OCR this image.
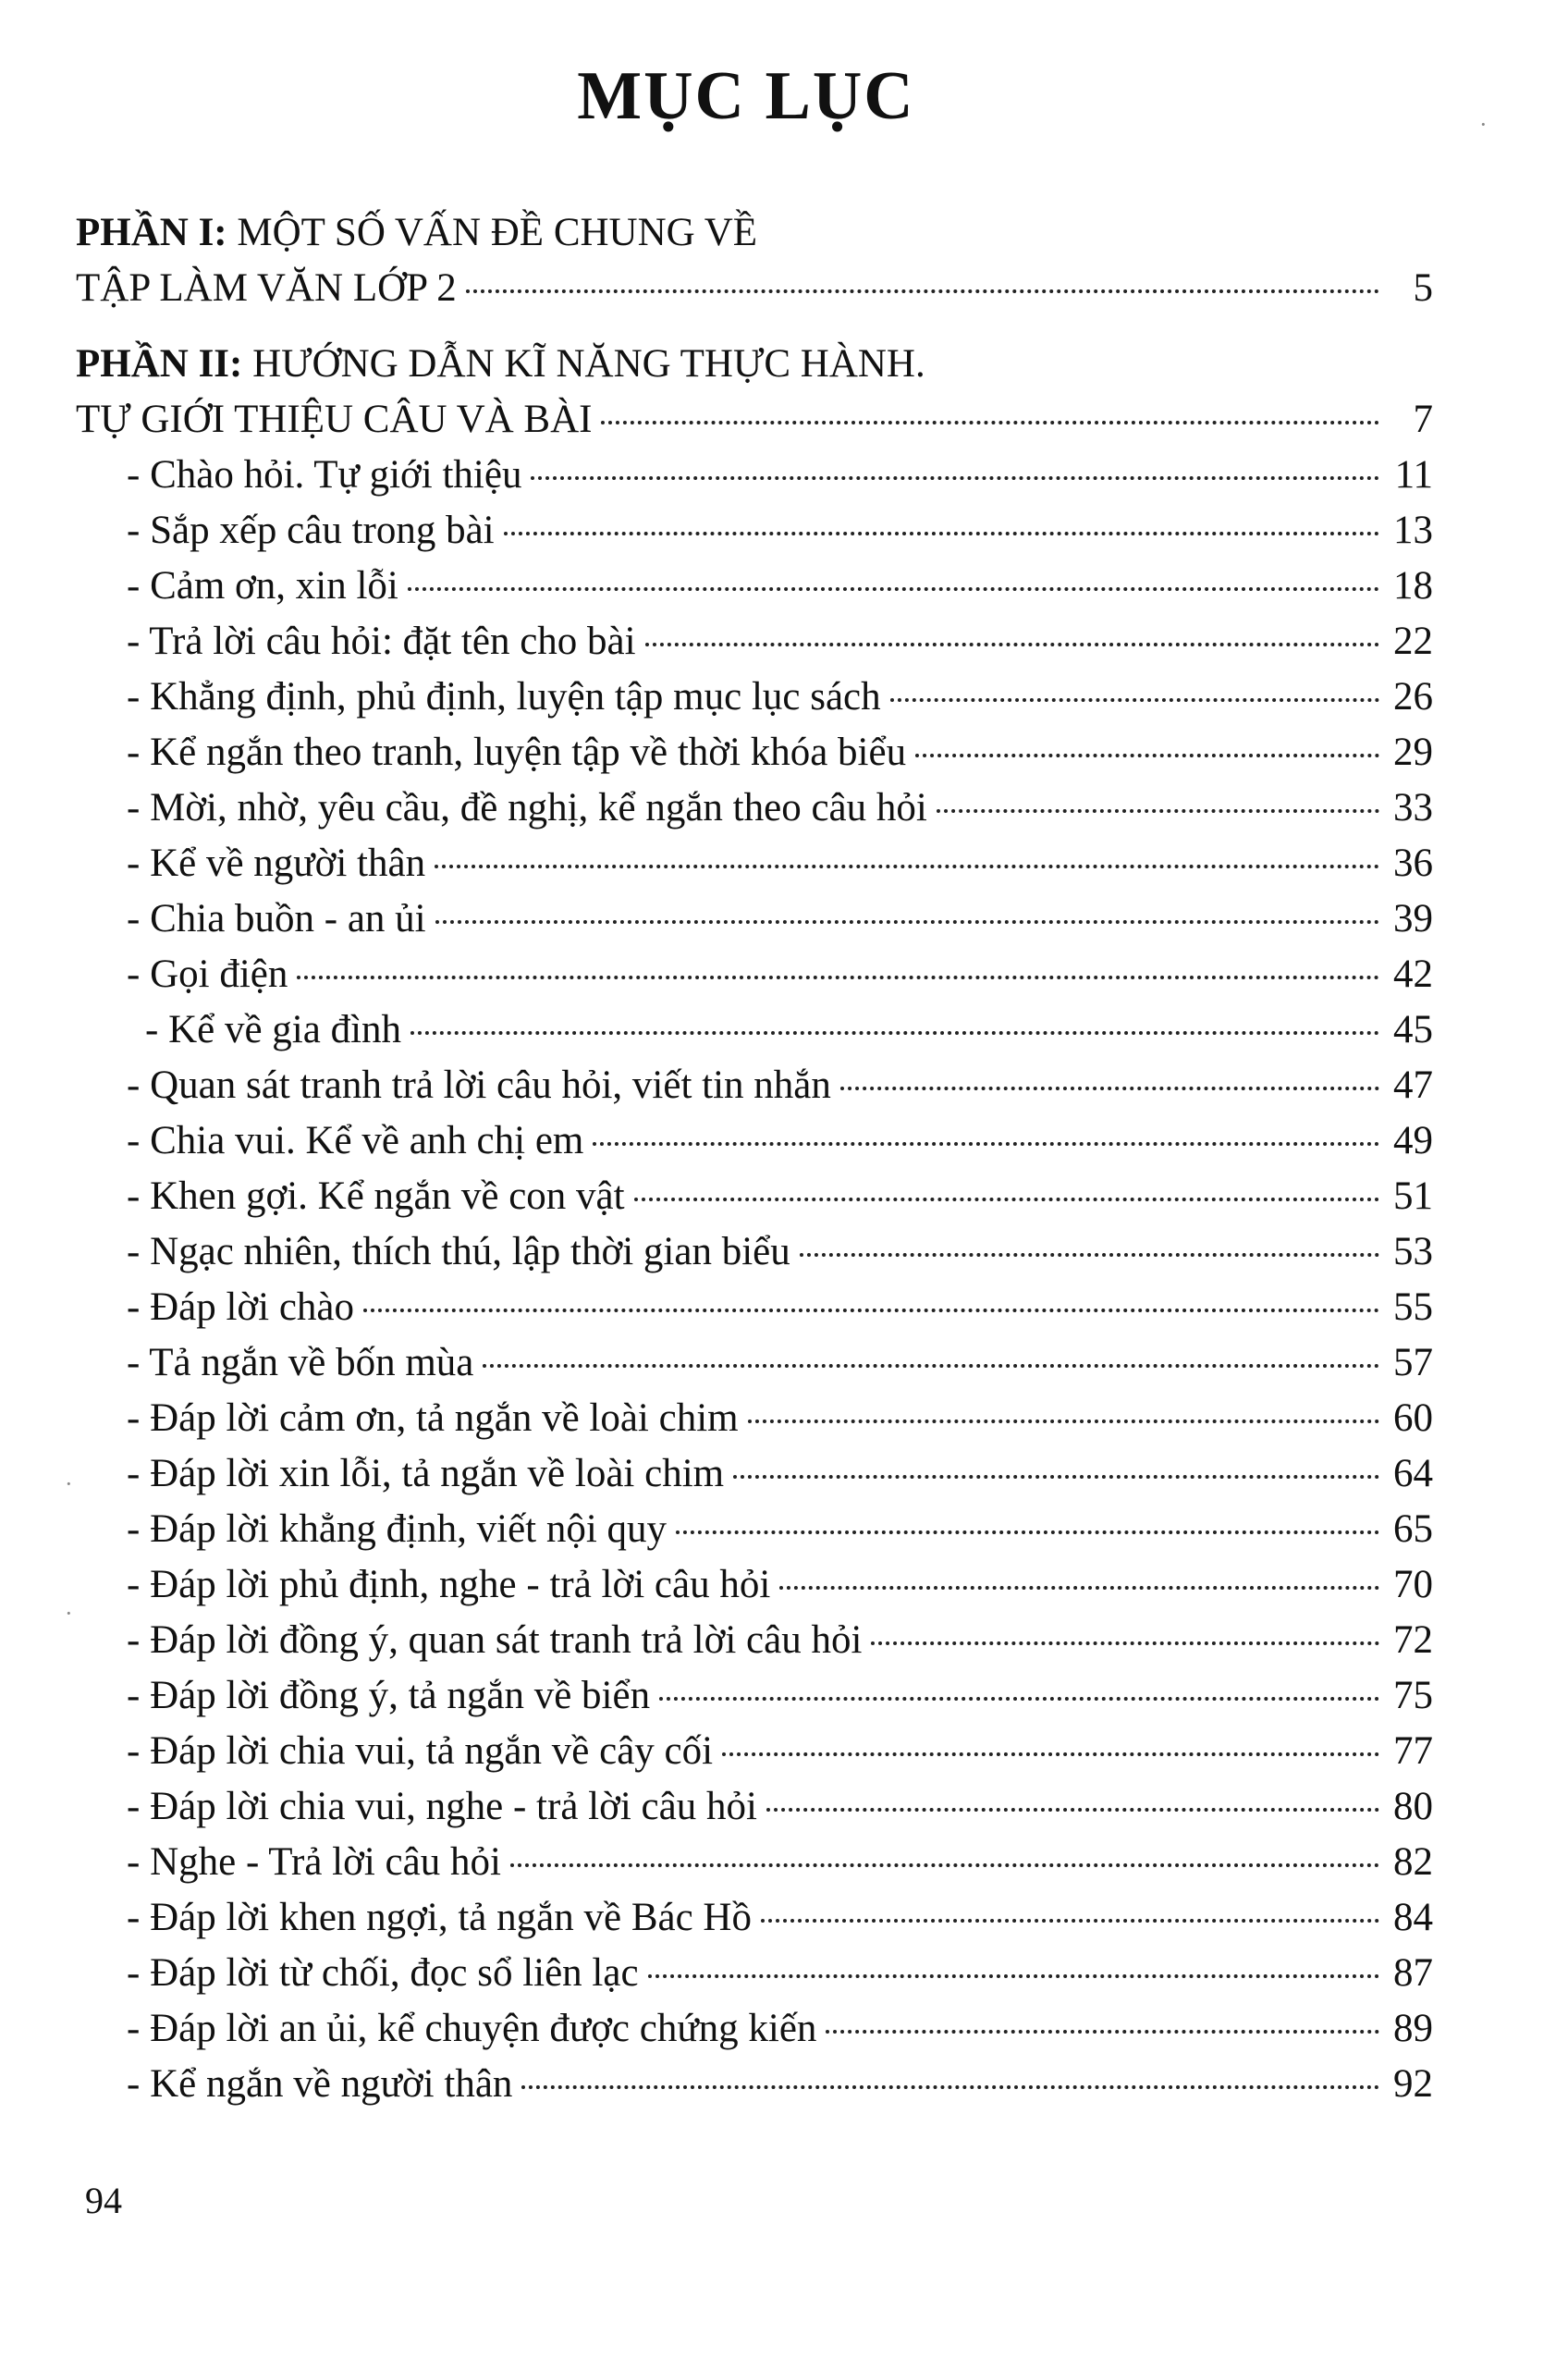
MỤC LỤC
PHẦN I: MỘT SỐ VẤN ĐỀ CHUNG VỀ
TẬP LÀM VĂN LỚP 2	5
PHẦN II: HƯỚNG DẪN KĨ NĂNG THỰC HÀNH.
TỰ GIỚI THIỆU CÂU VÀ BÀI	7
- Chào hỏi. Tự giới thiệu	11
- Sắp xếp câu trong bài	13
- Cảm ơn, xin lỗi	18
- Trả lời câu hỏi: đặt tên cho bài	22
- Khẳng định, phủ định, luyện tập mục lục sách	26
- Kể ngắn theo tranh, luyện tập về thời khóa biểu	29
- Mời, nhờ, yêu cầu, đề nghị, kể ngắn theo câu hỏi	33
- Kể về người thân	36
- Chia buồn - an ủi	39
- Gọi điện	42
- Kể về gia đình	45
- Quan sát tranh trả lời câu hỏi, viết tin nhắn	47
- Chia vui. Kể về anh chị em	49
- Khen gợi. Kể ngắn về con vật	51
- Ngạc nhiên, thích thú, lập thời gian biểu	53
- Đáp lời chào	55
- Tả ngắn về bốn mùa	57
- Đáp lời cảm ơn, tả ngắn về loài chim	60
- Đáp lời xin lỗi, tả ngắn về loài chim	64
- Đáp lời khẳng định, viết nội quy	65
- Đáp lời phủ định, nghe - trả lời câu hỏi	70
- Đáp lời đồng ý, quan sát tranh trả lời câu hỏi	72
- Đáp lời đồng ý, tả ngắn về biển	75
- Đáp lời chia vui, tả ngắn về cây cối	77
- Đáp lời chia vui, nghe - trả lời câu hỏi	80
- Nghe - Trả lời câu hỏi	82
- Đáp lời khen ngợi, tả ngắn về Bác Hồ	84
- Đáp lời từ chối, đọc sổ liên lạc	87
- Đáp lời an ủi, kể chuyện được chứng kiến	89
- Kể ngắn về người thân	92
94
·
·
·
